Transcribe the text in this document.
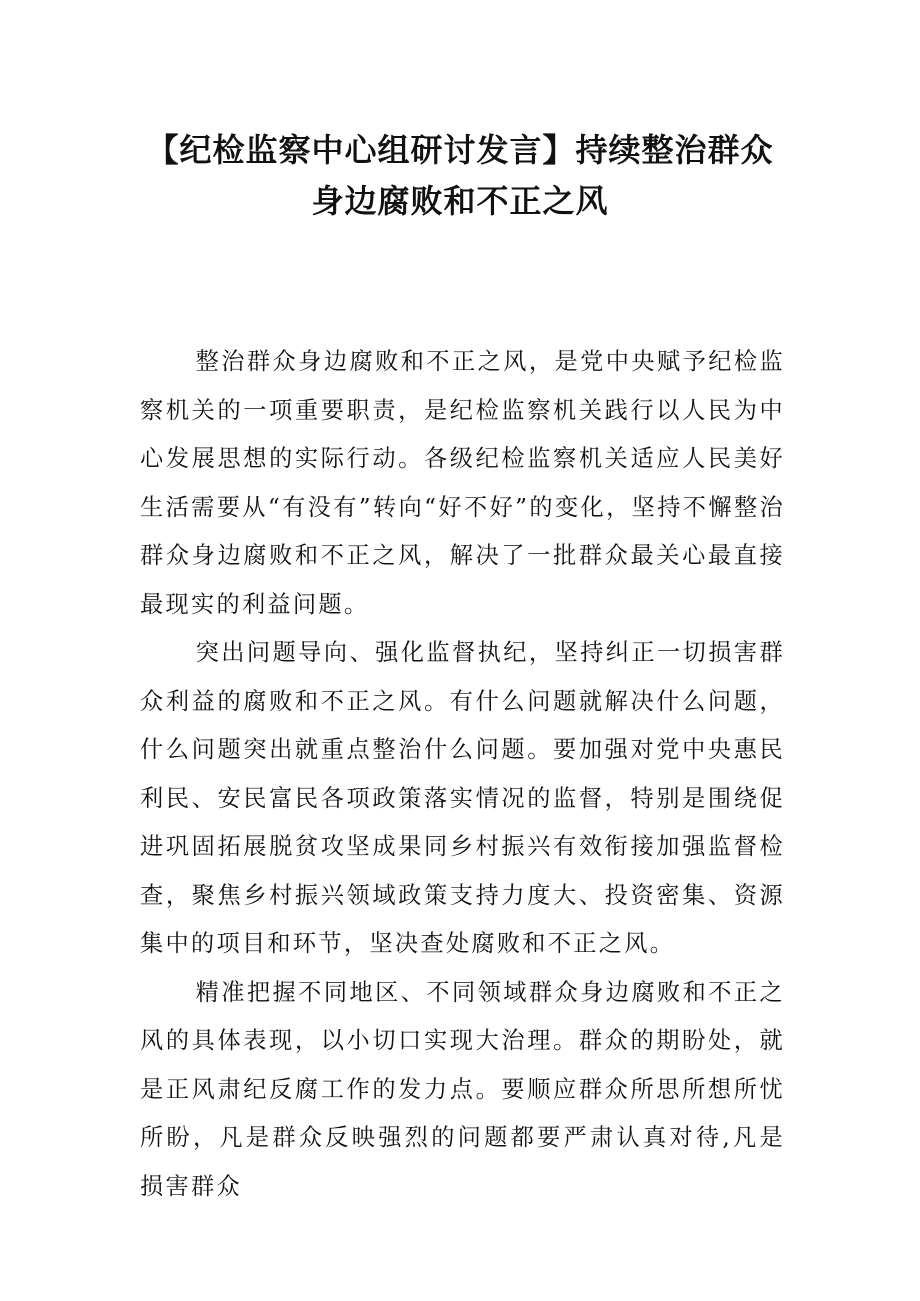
【纪检监察中心组研讨发言】持续整治群众
身边腐败和不正之风

整治群众身边腐败和不正之风，是党中央赋予纪检监察机关的一项重要职责，是纪检监察机关践行以人民为中心发展思想的实际行动。各级纪检监察机关适应人民美好生活需要从“有没有”转向“好不好”的变化，坚持不懈整治群众身边腐败和不正之风，解决了一批群众最关心最直接最现实的利益问题。

突出问题导向、强化监督执纪，坚持纠正一切损害群众利益的腐败和不正之风。有什么问题就解决什么问题，什么问题突出就重点整治什么问题。要加强对党中央惠民利民、安民富民各项政策落实情况的监督，特别是围绕促进巩固拓展脱贫攻坚成果同乡村振兴有效衔接加强监督检查，聚焦乡村振兴领域政策支持力度大、投资密集、资源集中的项目和环节，坚决查处腐败和不正之风。

精准把握不同地区、不同领域群众身边腐败和不正之风的具体表现，以小切口实现大治理。群众的期盼处，就是正风肃纪反腐工作的发力点。要顺应群众所思所想所忧所盼，凡是群众反映强烈的问题都要严肃认真对待,凡是损害群众
